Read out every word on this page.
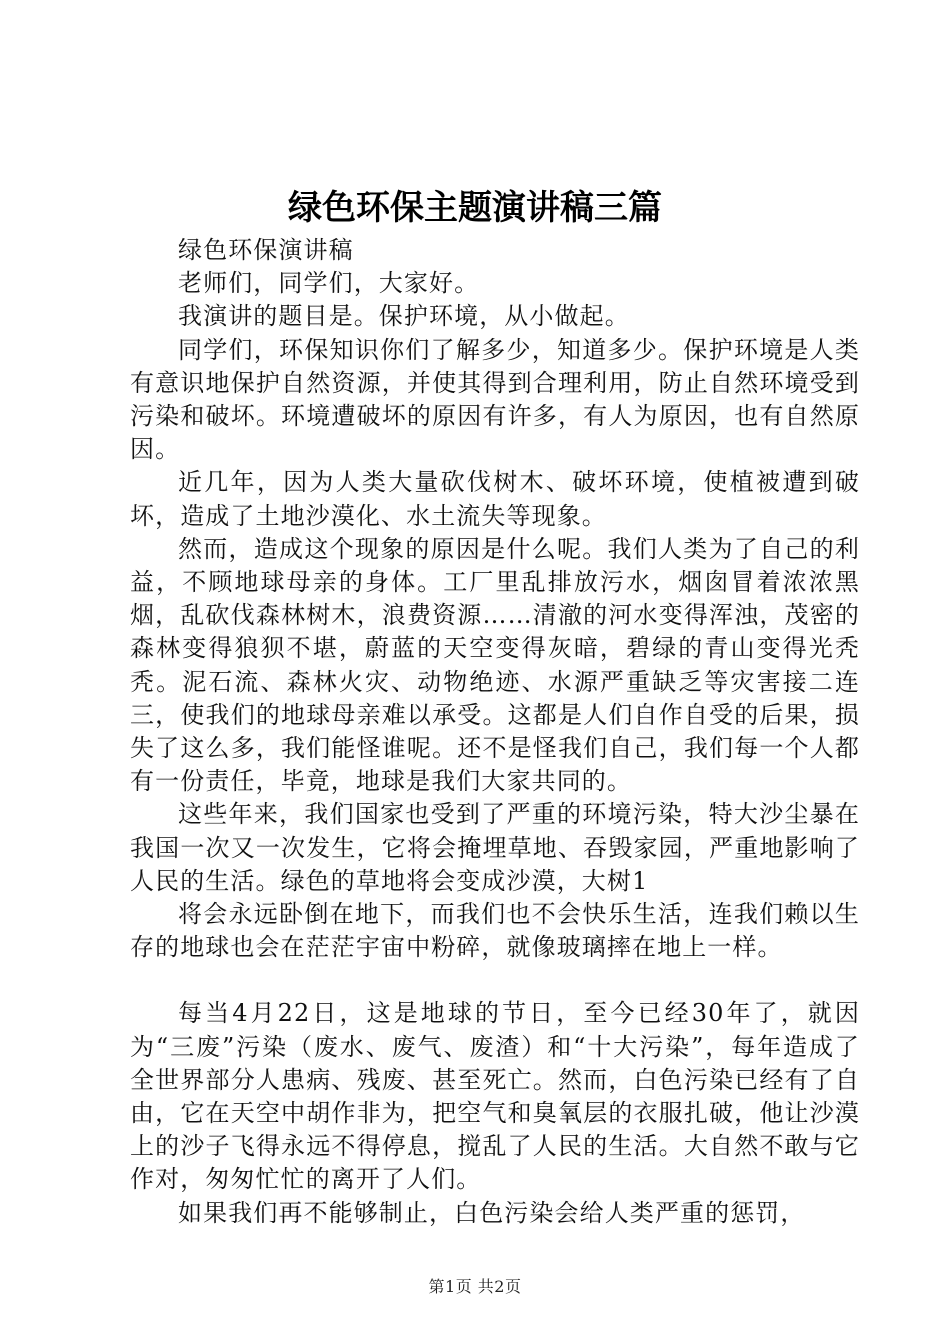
绿色环保主题演讲稿三篇

绿色环保演讲稿

老师们，同学们，大家好。

我演讲的题目是。保护环境，从小做起。

同学们，环保知识你们了解多少，知道多少。保护环境是人类有意识地保护自然资源，并使其得到合理利用，防止自然环境受到污染和破坏。环境遭破坏的原因有许多，有人为原因，也有自然原因。

近几年，因为人类大量砍伐树木、破坏环境，使植被遭到破坏，造成了土地沙漠化、水土流失等现象。

然而，造成这个现象的原因是什么呢。我们人类为了自己的利益，不顾地球母亲的身体。工厂里乱排放污水，烟囱冒着浓浓黑烟，乱砍伐森林树木，浪费资源……清澈的河水变得浑浊，茂密的森林变得狼狈不堪，蔚蓝的天空变得灰暗，碧绿的青山变得光秃秃。泥石流、森林火灾、动物绝迹、水源严重缺乏等灾害接二连三，使我们的地球母亲难以承受。这都是人们自作自受的后果，损失了这么多，我们能怪谁呢。还不是怪我们自己，我们每一个人都有一份责任，毕竟，地球是我们大家共同的。

这些年来，我们国家也受到了严重的环境污染，特大沙尘暴在我国一次又一次发生，它将会掩埋草地、吞毁家园，严重地影响了人民的生活。绿色的草地将会变成沙漠，大树1

将会永远卧倒在地下，而我们也不会快乐生活，连我们赖以生存的地球也会在茫茫宇宙中粉碎，就像玻璃摔在地上一样。

每当4月22日，这是地球的节日，至今已经30年了，就因为“三废”污染（废水、废气、废渣）和“十大污染”，每年造成了全世界部分人患病、残废、甚至死亡。然而，白色污染已经有了自由，它在天空中胡作非为，把空气和臭氧层的衣服扎破，他让沙漠上的沙子飞得永远不得停息，搅乱了人民的生活。大自然不敢与它作对，匆匆忙忙的离开了人们。

如果我们再不能够制止，白色污染会给人类严重的惩罚，

第1页 共2页
